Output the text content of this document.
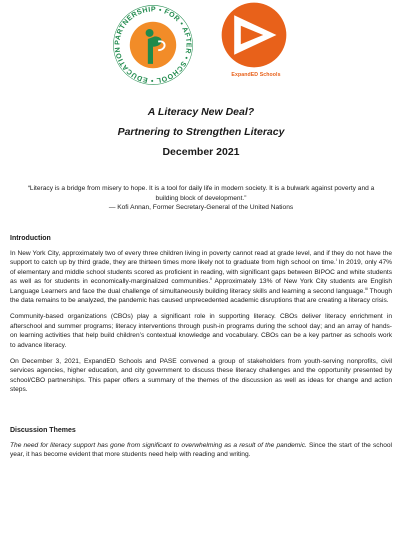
PARTNERSHIP • FOR • AFTER • SCHOOL • EDUCATION
ExpandED Schools
A Literacy New Deal?
Partnering to Strengthen Literacy
December 2021
“Literacy is a bridge from misery to hope. It is a tool for daily life in modern society. It is a bulwark against poverty and a building block of development.”
— Kofi Annan, Former Secretary-General of the United Nations
Introduction

In New York City, approximately two of every three children living in poverty cannot read at grade level, and if they do not have the support to catch up by third grade, they are thirteen times more likely not to graduate from high school on time.$^i$ In 2019, only 47% of elementary and middle school students scored as proficient in reading, with significant gaps between BIPOC and white students as well as for students in economically-marginalized communities.$^{ii}$ Approximately 13% of New York City students are English Language Learners and face the dual challenge of simultaneously building literacy skills and learning a second language.$^{iii}$ Though the data remains to be analyzed, the pandemic has caused unprecedented academic disruptions that are creating a literacy crisis.

Community-based organizations (CBOs) play a significant role in supporting literacy. CBOs deliver literacy enrichment in afterschool and summer programs; literacy interventions through push-in programs during the school day; and an array of hands-on learning activities that help build children’s contextual knowledge and vocabulary. CBOs can be a key partner as schools work to advance literacy.

On December 3, 2021, ExpandED Schools and PASE convened a group of stakeholders from youth-serving nonprofits, civil services agencies, higher education, and city government to discuss these literacy challenges and the opportunity presented by school/CBO partnerships. This paper offers a summary of the themes of the discussion as well as ideas for change and action steps.

Discussion Themes

The need for literacy support has gone from significant to overwhelming as a result of the pandemic. Since the start of the school year, it has become evident that more students need help with reading and writing.
